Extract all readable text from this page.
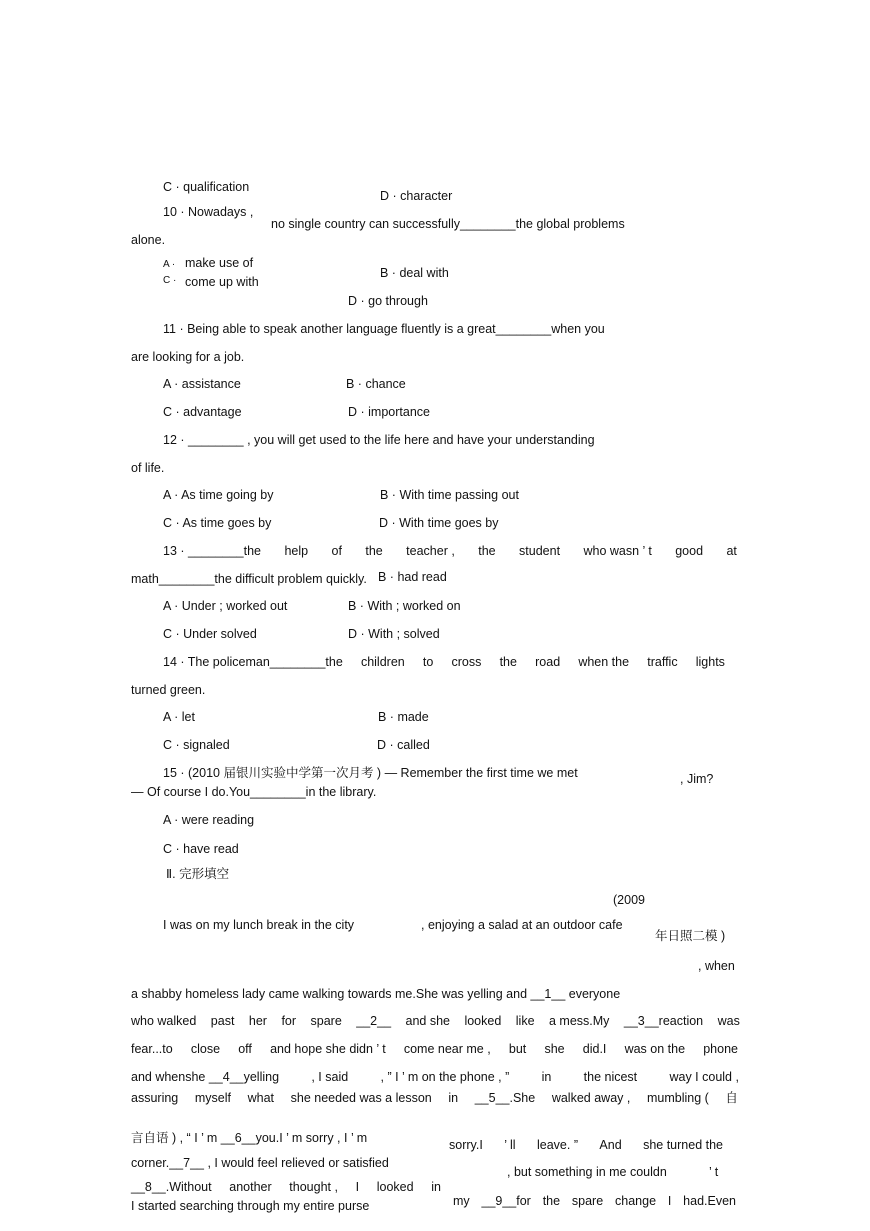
C · qualification
D · character
10 · Nowadays ,
no single country can successfully________the global problems
alone.
A · make use of
C · come up with
B · deal with
D · go through
11 · Being able to speak another language fluently is a great________when you
are looking for a job.
A · assistance	B · chance
C · advantage	D · importance
12 · ________ , you will get used to the life here and have your understanding
of life.
A · As time going by	B · With time passing out
C · As time goes by	D · With time goes by
13 · ________the help of the teacher , the student who wasn ’ t good at
math________the difficult problem quickly. B · had read
A · Under ; worked out	B · With ; worked on
C · Under solved	D · With ; solved
14 · The policeman________the children to cross the road when the traffic lights
turned green.
A · let	B · made
C · signaled	D · called
15 · (2010 届银川实验中学第一次月考 ) — Remember the first time we met	, Jim?
— Of course I do.You________in the library.
A · were reading
C · have read
Ⅱ. 完形填空
(2009
I was on my lunch break in the city	, enjoying a salad at an outdoor cafe
年日照二模 )
, when
a shabby homeless lady came walking towards me.She was yelling and __1__ everyone
who walked past her for spare __2__ and she looked like a mess.My __3__reaction was
fear...to close off and hope she didn ’ t come near me , but she did.I was on the phone
and whenshe __4__yelling	, I said	, ” I ’ m on the phone , ”	in	the nicest	way I could ,
assuring myself what she needed was a lesson in __5__.She walked away , mumbling ( 自
言自语 ) , “ I ’ m __6__you.I ’ m sorry , I ’ m	sorry.I ’ ll leave. ” And she turned the
corner.__7__ , I would feel relieved or satisfied
, but something in me couldn	’ t
__8__.Without another thought , I looked in
my __9__for the spare change I had.Even
I started searching through my entire purse
